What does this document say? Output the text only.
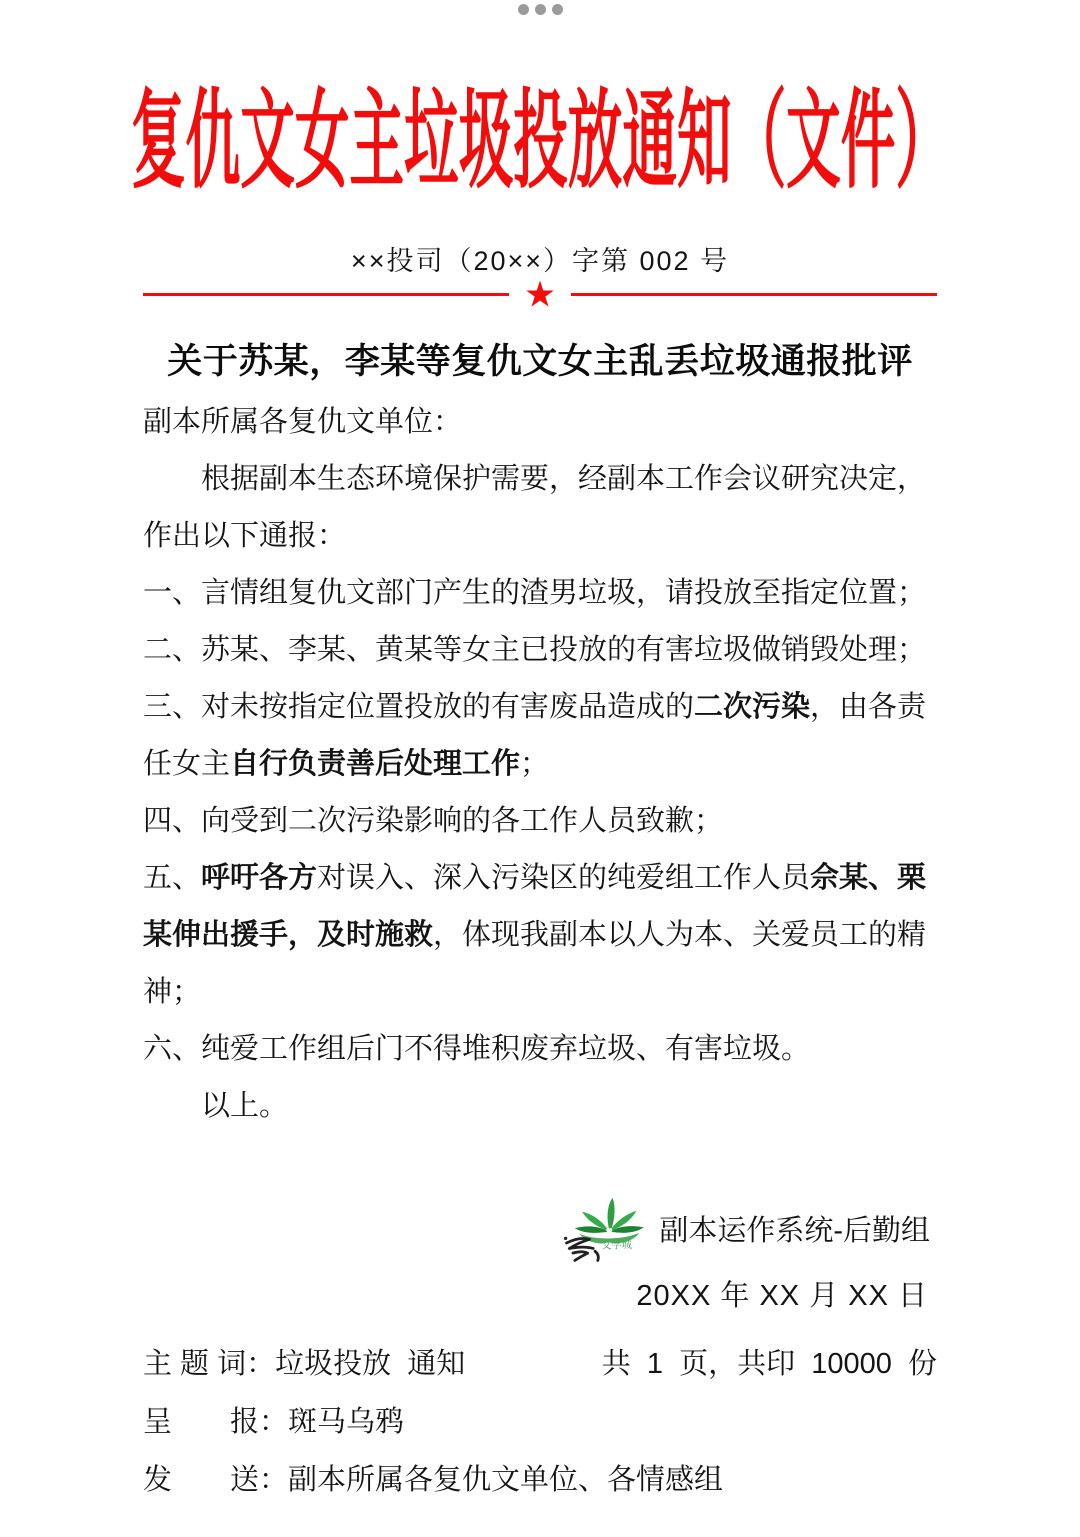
复仇文女主垃圾投放通知（文件）
××投司（20××）字第 002 号
★
关于苏某，李某等复仇文女主乱丢垃圾通报批评

副本所属各复仇文单位：

根据副本生态环境保护需要，经副本工作会议研究决定，

作出以下通报：

一、言情组复仇文部门产生的渣男垃圾，请投放至指定位置；

二、苏某、李某、黄某等女主已投放的有害垃圾做销毁处理；

三、对未按指定位置投放的有害废品造成的二次污染，由各责

任女主自行负责善后处理工作；

四、向受到二次污染影响的各工作人员致歉；

五、呼吁各方对误入、深入污染区的纯爱组工作人员佘某、栗

某伸出援手，及时施救，体现我副本以人为本、关爱员工的精

神；

六、纯爱工作组后门不得堆积废弃垃圾、有害垃圾。

以上。

文学城 副本运作系统-后勤组
20XX 年 XX 月 XX 日
主 题 词： 垃圾投放  通知	共  1  页，共印  10000  份
呈　　报： 斑马乌鸦
发　　送： 副本所属各复仇文单位、各情感组
